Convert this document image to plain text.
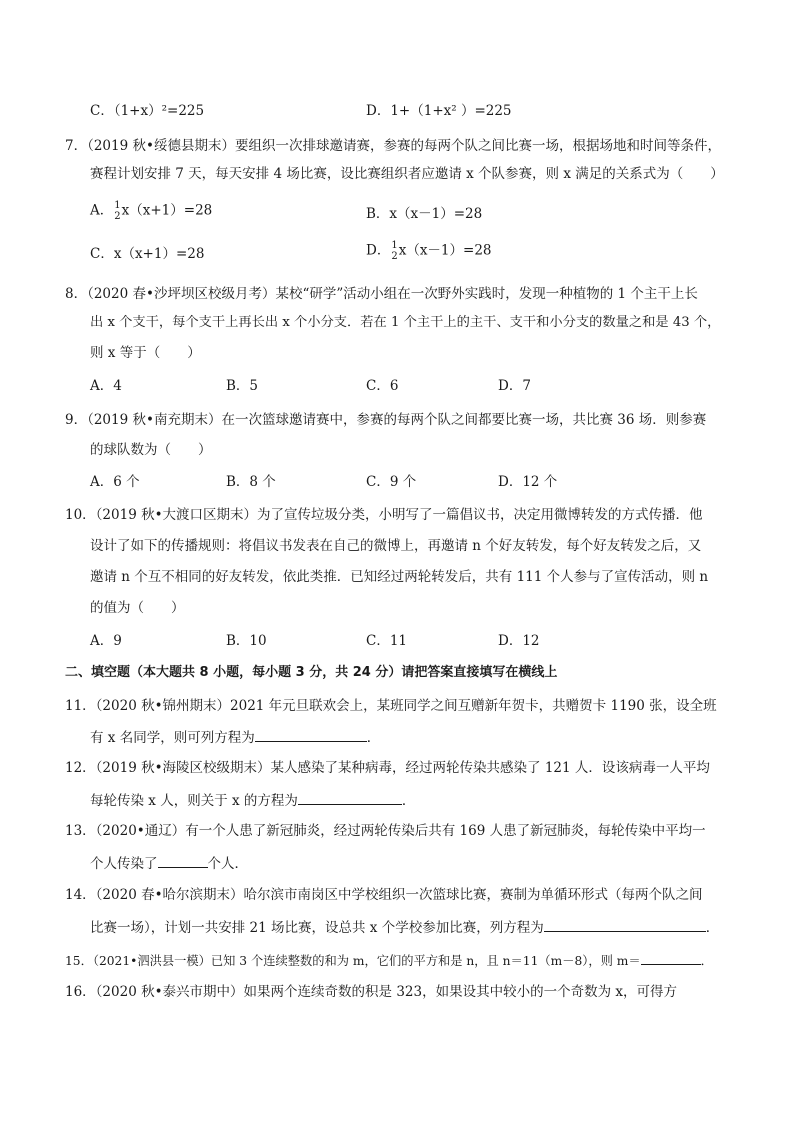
C．（1+x）²=225	D．1+（1+x² ）=225
7．（2019 秋•绥德县期末）要组织一次排球邀请赛，参赛的每两个队之间比赛一场，根据场地和时间等条件，
赛程计划安排 7 天，每天安排 4 场比赛，设比赛组织者应邀请 x 个队参赛，则 x 满足的关系式为（　　）
A． 1
2 x（x+1）=28	B．x（x－1）=28
C．x（x+1）=28	D． 1
2 x（x－1）=28
8．（2020 春•沙坪坝区校级月考）某校“研学”活动小组在一次野外实践时，发现一种植物的 1 个主干上长
出 x 个支干，每个支干上再长出 x 个小分支．若在 1 个主干上的主干、支干和小分支的数量之和是 43 个，
则 x 等于（　　）
A．4	B．5	C．6	D．7
9．（2019 秋•南充期末）在一次篮球邀请赛中，参赛的每两个队之间都要比赛一场，共比赛 36 场．则参赛
的球队数为（　　）
A．6 个	B．8 个	C．9 个	D．12 个
10．（2019 秋•大渡口区期末）为了宣传垃圾分类，小明写了一篇倡议书，决定用微博转发的方式传播．他
设计了如下的传播规则：将倡议书发表在自己的微博上，再邀请 n 个好友转发，每个好友转发之后，又
邀请 n 个互不相同的好友转发，依此类推．已知经过两轮转发后，共有 111 个人参与了宣传活动，则 n
的值为（　　）
A．9	B．10	C．11	D．12
二、填空题（本大题共 8 小题，每小题 3 分，共 24 分）请把答案直接填写在横线上
11．（2020 秋•锦州期末）2021 年元旦联欢会上，某班同学之间互赠新年贺卡，共赠贺卡 1190 张，设全班
有 x 名同学，则可列方程为	．
12．（2019 秋•海陵区校级期末）某人感染了某种病毒，经过两轮传染共感染了 121 人．设该病毒一人平均
每轮传染 x 人，则关于 x 的方程为	．
13．（2020•通辽）有一个人患了新冠肺炎，经过两轮传染后共有 169 人患了新冠肺炎，每轮传染中平均一
个人传染了	个人．
14．（2020 春•哈尔滨期末）哈尔滨市南岗区中学校组织一次篮球比赛，赛制为单循环形式（每两个队之间
比赛一场），计划一共安排 21 场比赛，设总共 x 个学校参加比赛，列方程为	．
15．（2021•泗洪县一模）已知 3 个连续整数的和为 m，它们的平方和是 n，且 n＝11（m－8），则 m＝	．
16．（2020 秋•泰兴市期中）如果两个连续奇数的积是 323，如果设其中较小的一个奇数为 x，可得方
